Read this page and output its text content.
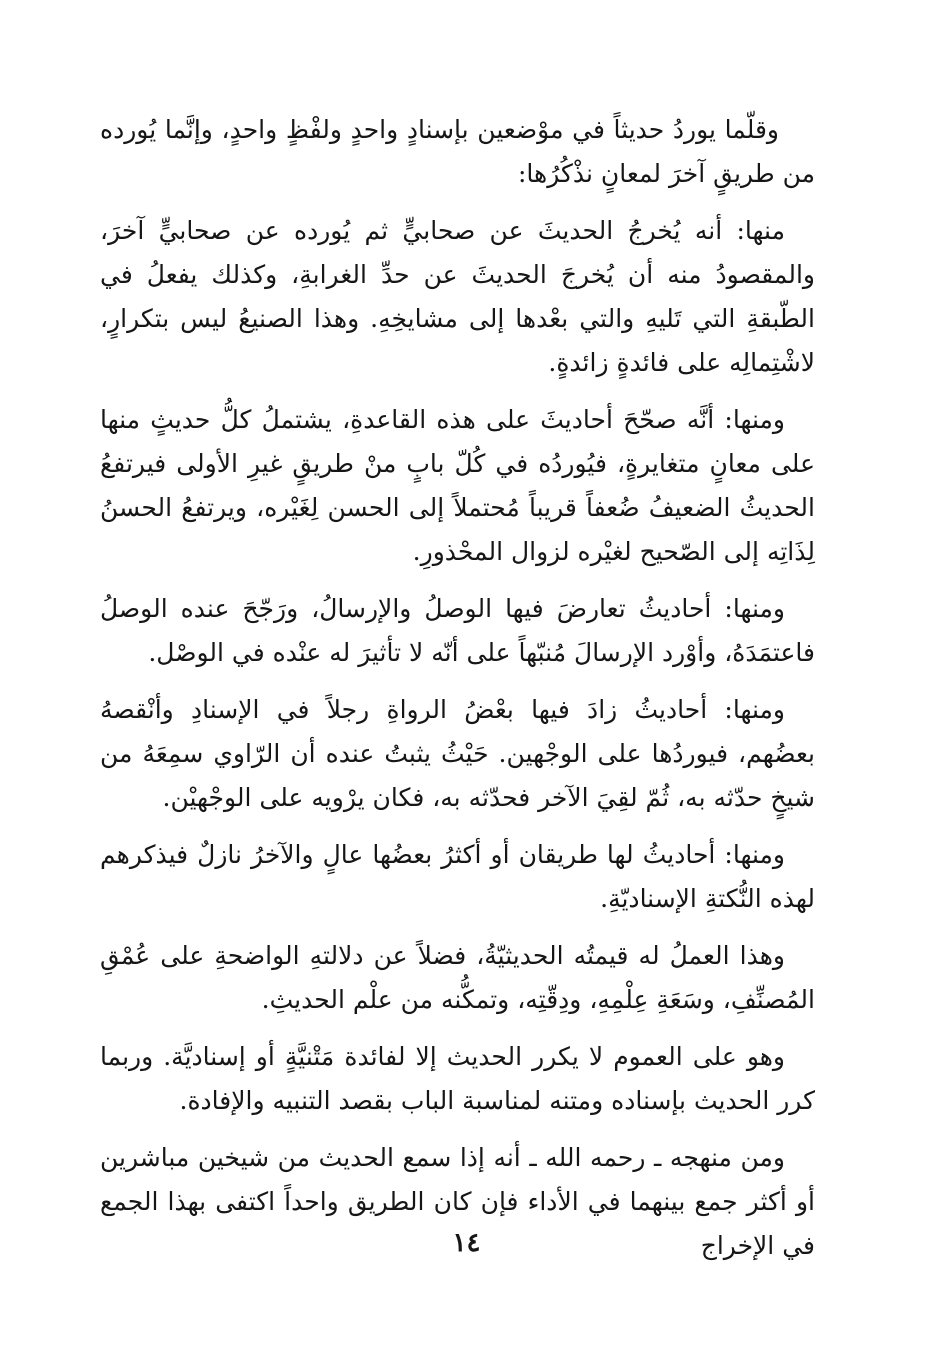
وقلّما يوردُ حديثاً في موْضعين بإسنادٍ واحدٍ ولفْظٍ واحدٍ، وإنَّما يُورده من طريقٍ آخرَ لمعانٍ نذْكُرُها:

منها: أنه يُخرجُ الحديثَ عن صحابيٍّ ثم يُورده عن صحابيٍّ آخرَ، والمقصودُ منه أن يُخرجَ الحديثَ عن حدِّ الغرابةِ، وكذلك يفعلُ في الطّبقةِ التي تَليهِ والتي بعْدها إلى مشايخِهِ. وهذا الصنيعُ ليس بتكرارٍ، لاشْتِمالِه على فائدةٍ زائدةٍ.

ومنها: أنَّه صحّحَ أحاديثَ على هذه القاعدةِ، يشتملُ كلُّ حديثٍ منها على معانٍ متغايرةٍ، فيُوردُه في كُلّ بابٍ منْ طريقٍ غيرِ الأولى فيرتفعُ الحديثُ الضعيفُ ضُعفاً قريباً مُحتملاً إلى الحسن لِغَيْره، ويرتفعُ الحسنُ لِذَاتِه إلى الصّحيح لغيْره لزوال المحْذورِ.

ومنها: أحاديثُ تعارضَ فيها الوصلُ والإرسالُ، ورَجّحَ عنده الوصلُ فاعتمَدَهُ، وأوْرد الإرسالَ مُنبّهاً على أنّه لا تأثيرَ له عنْده في الوصْل.

ومنها: أحاديثُ زادَ فيها بعْضُ الرواةِ رجلاً في الإسنادِ وأنْقصهُ بعضُهم، فيوردُها على الوجْهين. حَيْثُ يثبتُ عنده أن الرّاوي سمِعَهُ من شيخٍ حدّثه به، ثُمّ لقِيَ الآخر فحدّثه به، فكان يرْويه على الوجْهيْن.

ومنها: أحاديثُ لها طريقان أو أكثرُ بعضُها عالٍ والآخرُ نازلٌ فيذكرهم لهذه النُّكتةِ الإسناديّةِ.

وهذا العملُ له قيمتُه الحديثيّةُ، فضلاً عن دلالتهِ الواضحةِ على عُمْقِ المُصنِّفِ، وسَعَةِ عِلْمِهِ، ودِقّتِه، وتمكُّنه من علْم الحديثِ.

وهو على العموم لا يكرر الحديث إلا لفائدة مَتْنيَّةٍ أو إسناديَّة. وربما كرر الحديث بإسناده ومتنه لمناسبة الباب بقصد التنبيه والإفادة.

ومن منهجه ـ رحمه الله ـ أنه إذا سمع الحديث من شيخين مباشرين أو أكثر جمع بينهما في الأداء فإن كان الطريق واحداً اكتفى بهذا الجمع في الإخراج

١٤
